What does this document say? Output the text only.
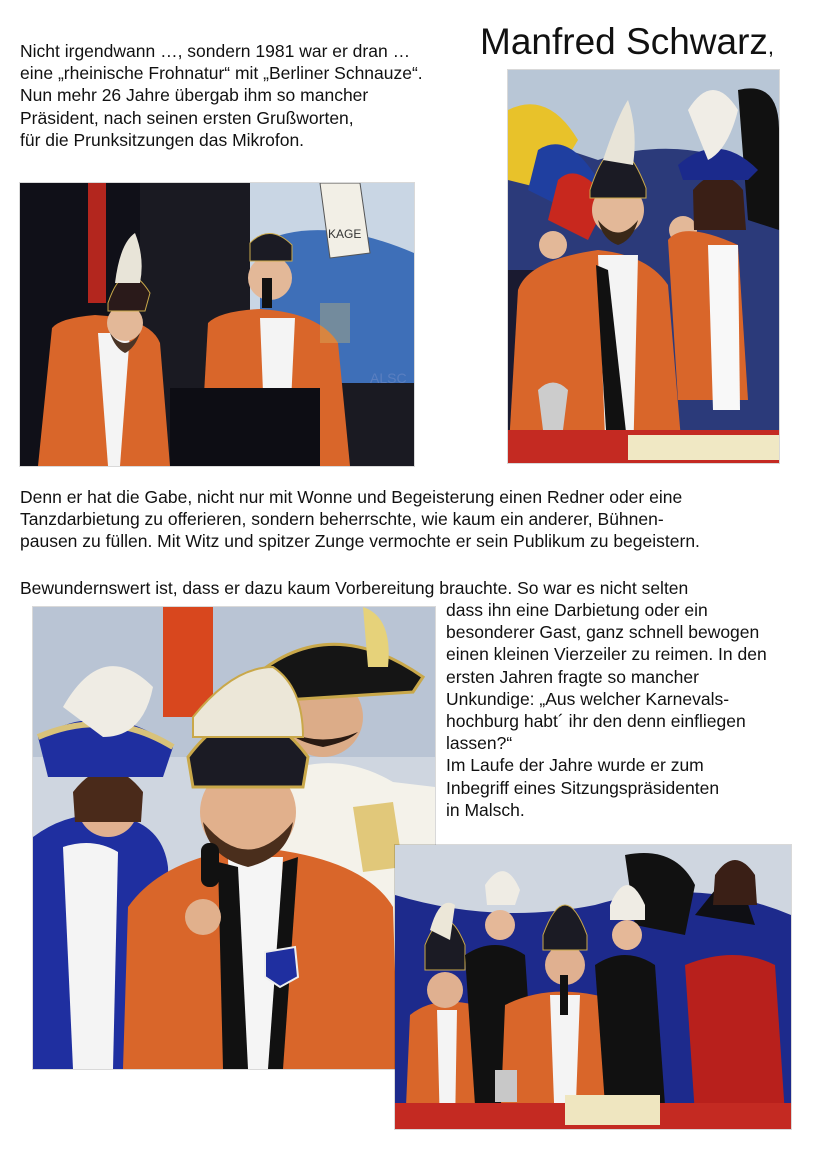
Manfred Schwarz,
Nicht irgendwann …, sondern 1981 war er dran …
eine „rheinische Frohnatur“ mit „Berliner Schnauze“.
Nun mehr 26 Jahre übergab ihm so mancher
Präsident, nach seinen ersten Grußworten,
für die Prunksitzungen das Mikrofon.
KAGE
ALSC
Denn er hat die Gabe, nicht nur mit Wonne und Begeisterung einen Redner oder eine
Tanzdarbietung zu offerieren, sondern beherrschte, wie kaum ein anderer, Bühnen-
pausen zu füllen. Mit Witz und spitzer Zunge vermochte er sein Publikum zu begeistern.
Bewundernswert ist, dass er dazu kaum Vorbereitung brauchte. So war es nicht selten
dass ihn eine Darbietung oder ein
besonderer Gast, ganz schnell bewogen
einen kleinen Vierzeiler zu reimen. In den
ersten Jahren fragte so mancher
Unkundige: „Aus welcher Karnevals-
hochburg habt´ ihr den denn einfliegen
lassen?“
Im Laufe der Jahre wurde er zum
Inbegriff eines Sitzungspräsidenten
in Malsch.
